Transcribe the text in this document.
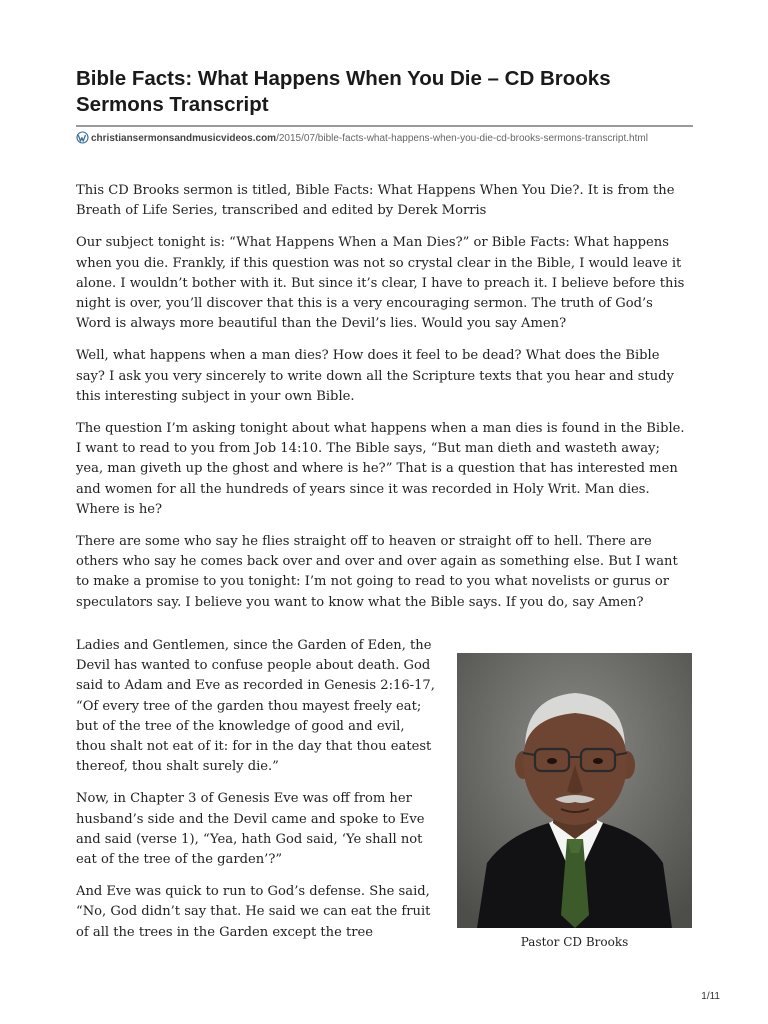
Bible Facts: What Happens When You Die – CD Brooks Sermons Transcript
christiansermonsandmusicvideos.com/2015/07/bible-facts-what-happens-when-you-die-cd-brooks-sermons-transcript.html

This CD Brooks sermon is titled, Bible Facts: What Happens When You Die?. It is from the Breath of Life Series, transcribed and edited by Derek Morris

Our subject tonight is: “What Happens When a Man Dies?” or Bible Facts: What happens when you die. Frankly, if this question was not so crystal clear in the Bible, I would leave it alone. I wouldn’t bother with it. But since it’s clear, I have to preach it. I believe before this night is over, you’ll discover that this is a very encouraging sermon. The truth of God’s Word is always more beautiful than the Devil’s lies. Would you say Amen?

Well, what happens when a man dies? How does it feel to be dead? What does the Bible say? I ask you very sincerely to write down all the Scripture texts that you hear and study this interesting subject in your own Bible.

The question I’m asking tonight about what happens when a man dies is found in the Bible. I want to read to you from Job 14:10. The Bible says, “But man dieth and wasteth away; yea, man giveth up the ghost and where is he?” That is a question that has interested men and women for all the hundreds of years since it was recorded in Holy Writ. Man dies. Where is he?

There are some who say he flies straight off to heaven or straight off to hell. There are others who say he comes back over and over and over again as something else. But I want to make a promise to you tonight: I’m not going to read to you what novelists or gurus or speculators say. I believe you want to know what the Bible says. If you do, say Amen?

Ladies and Gentlemen, since the Garden of Eden, the Devil has wanted to confuse people about death. God said to Adam and Eve as recorded in Genesis 2:16-17, “Of every tree of the garden thou mayest freely eat; but of the tree of the knowledge of good and evil, thou shalt not eat of it: for in the day that thou eatest thereof, thou shalt surely die.”

Now, in Chapter 3 of Genesis Eve was off from her husband’s side and the Devil came and spoke to Eve and said (verse 1), “Yea, hath God said, ‘Ye shall not eat of the tree of the garden’?”

And Eve was quick to run to God’s defense. She said, “No, God didn’t say that. He said we can eat the fruit of all the trees in the Garden except the tree

Pastor CD Brooks
1/11
